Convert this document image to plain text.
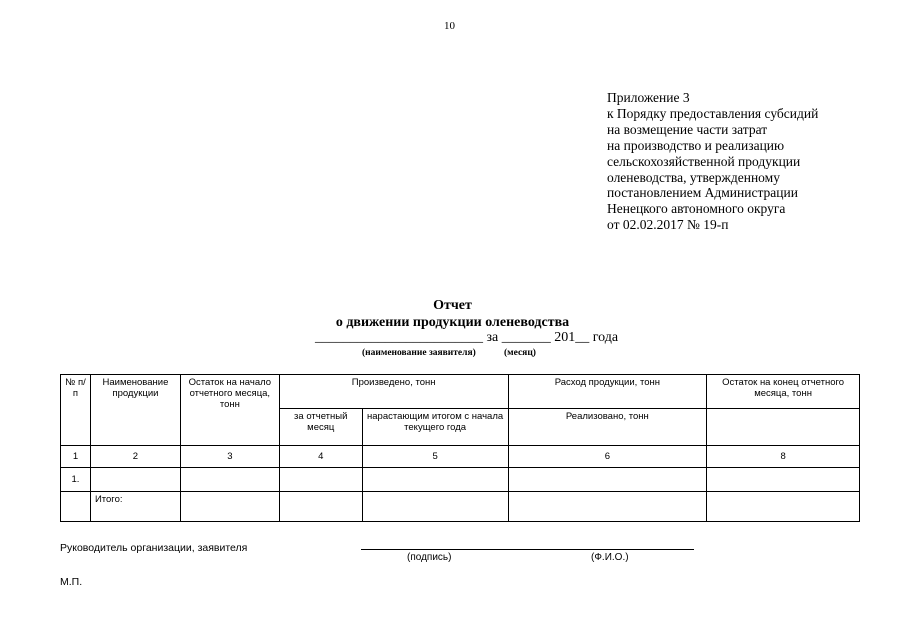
10
Приложение 3
к Порядку предоставления субсидий
на возмещение части затрат
на производство и реализацию
сельскохозяйственной продукции
оленеводства, утвержденному
постановлением Администрации
Ненецкого автономного округа
от 02.02.2017 № 19-п
Отчет
о движении продукции оленеводства
________________________ за _______ 201__ года
(наименование заявителя)	(месяц)
№ п/п	Наименование продукции	Остаток на начало отчетного месяца, тонн	Произведено, тонн		Расход продукции, тонн	Остаток на конец отчетного месяца, тонн
			за отчетный месяц	нарастающим итогом с начала текущего года	Реализовано, тонн	
1	2	3	4	5	6	8
1.						
	Итого:					
Руководитель организации, заявителя
(подпись)	(Ф.И.О.)
М.П.
